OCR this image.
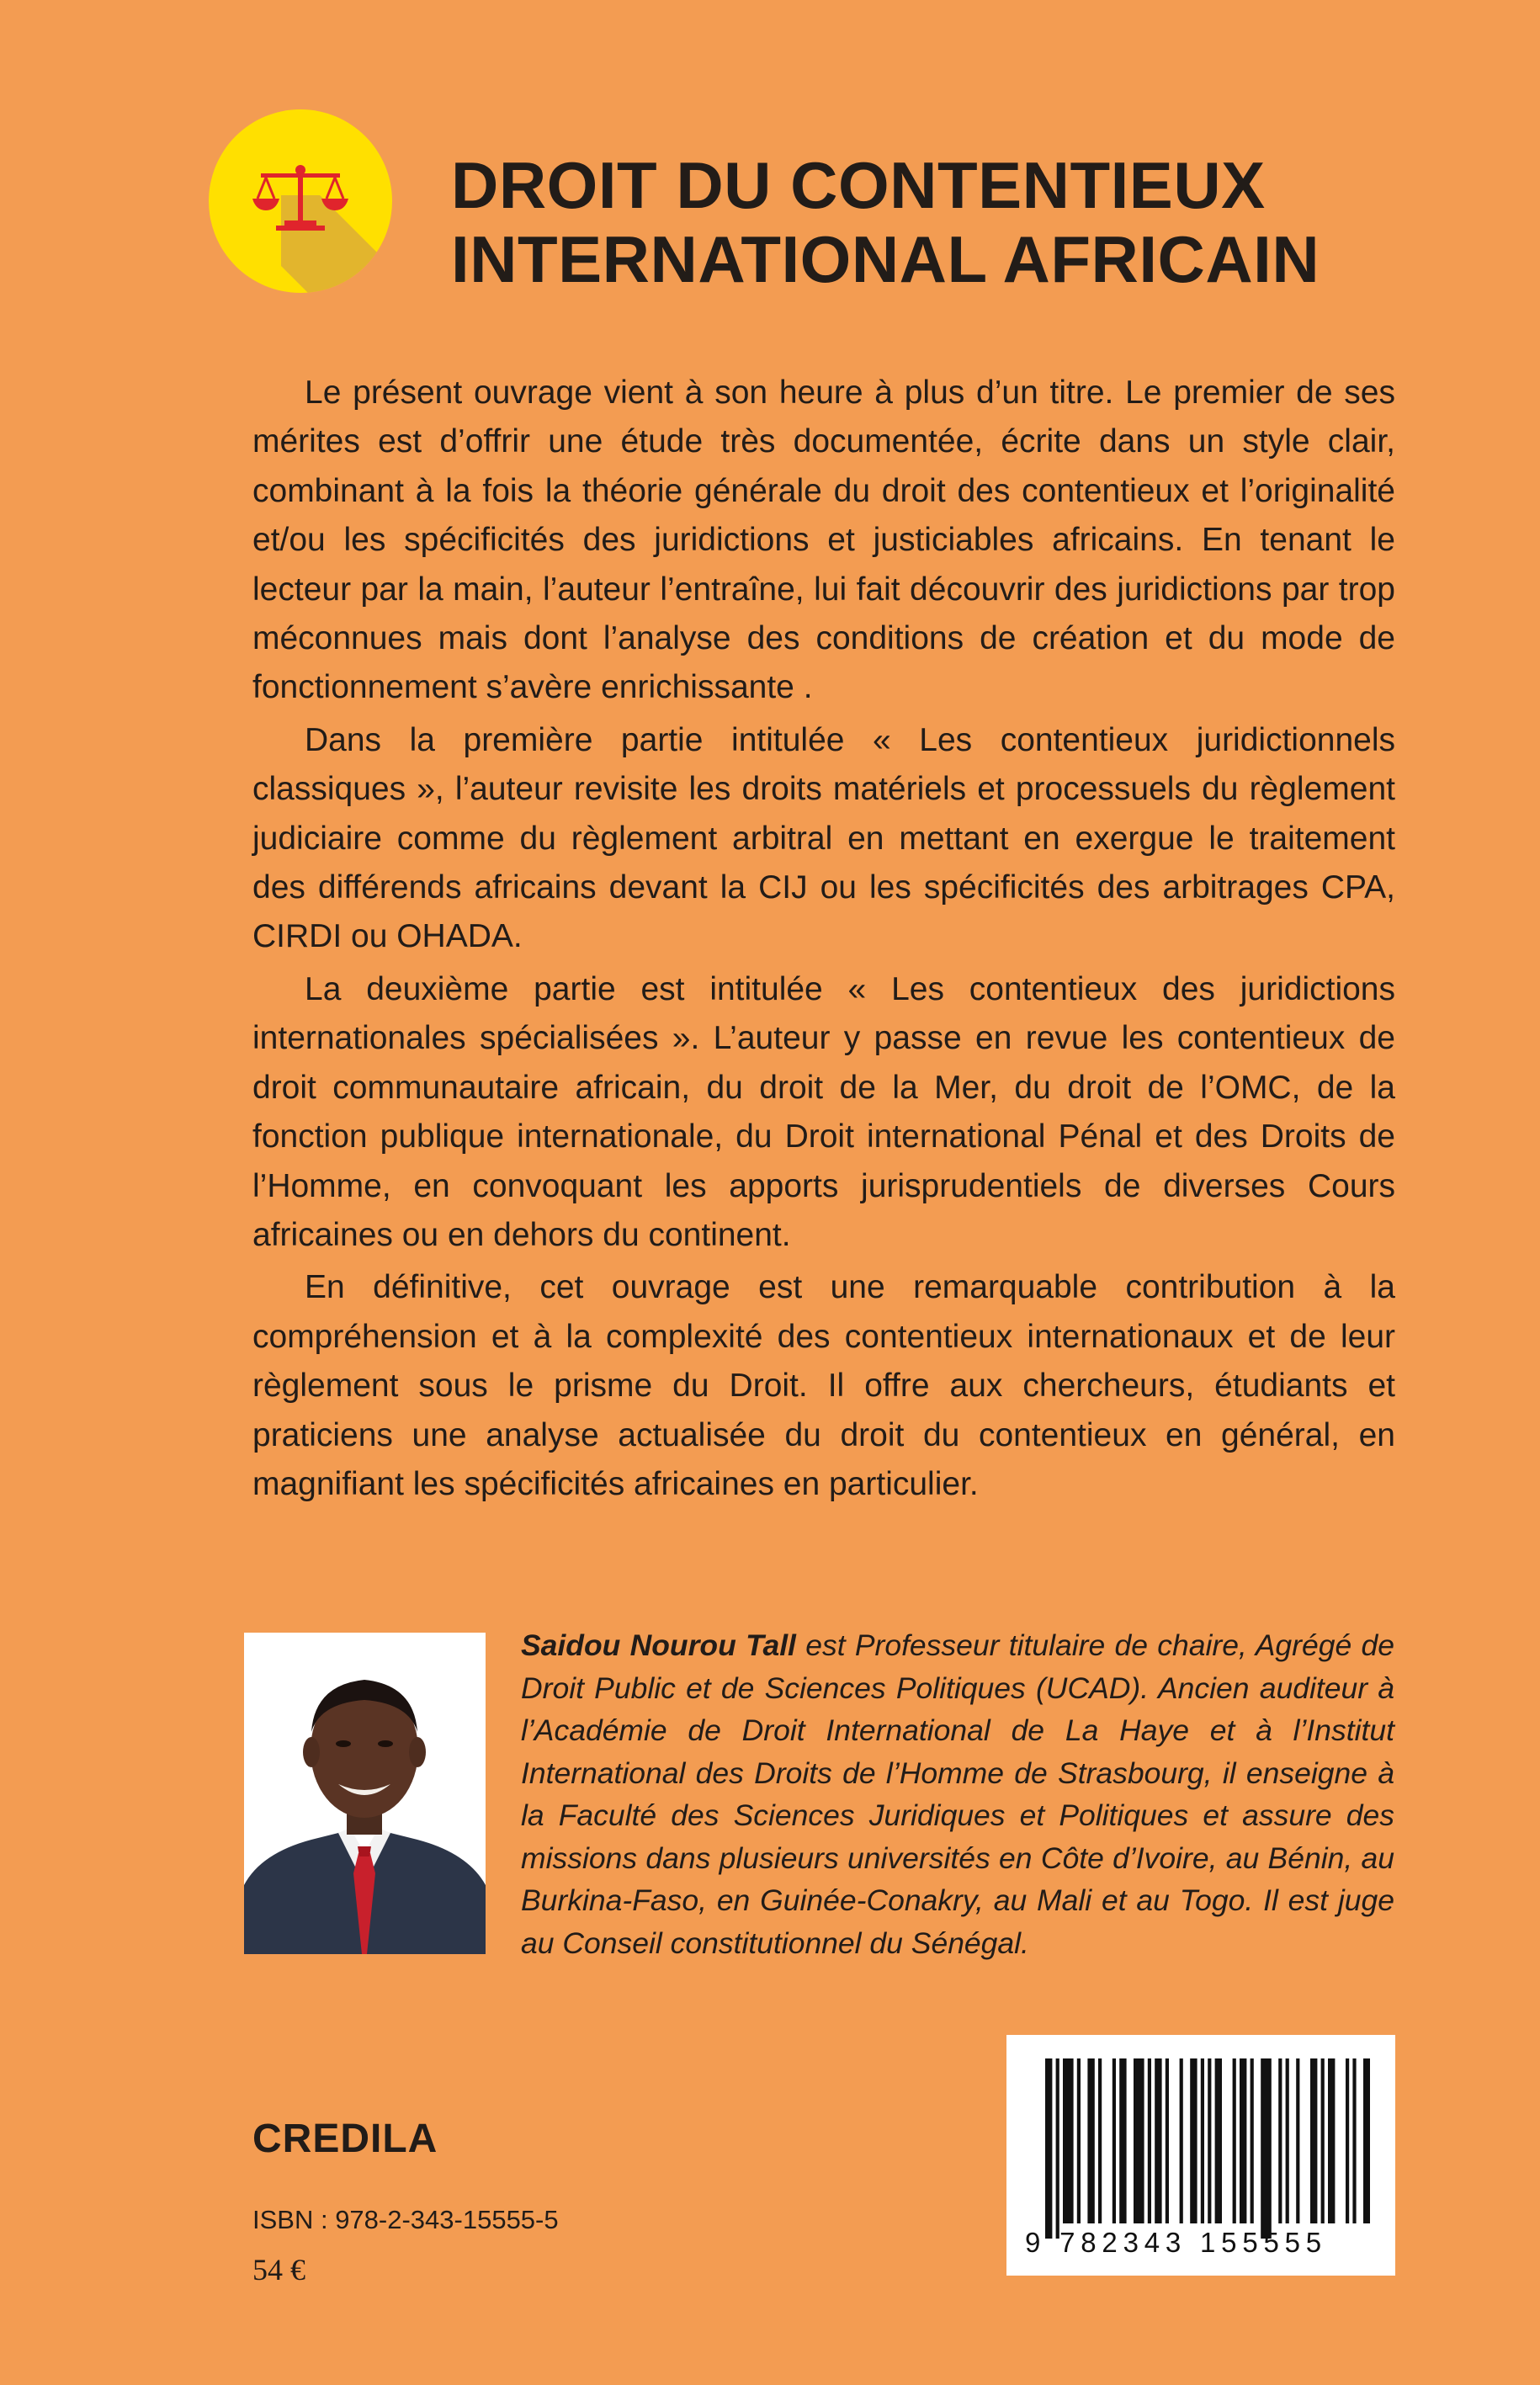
DROIT DU CONTENTIEUX
INTERNATIONAL AFRICAIN

Le présent ouvrage vient à son heure à plus d’un titre. Le premier de ses mérites est d’offrir une étude très documentée, écrite dans un style clair, combinant à la fois la théorie générale du droit des contentieux et l’originalité et/ou les spécificités des juridictions et justiciables africains. En tenant le lecteur par la main, l’auteur l’entraîne, lui fait découvrir des juridictions par trop méconnues mais dont l’analyse des conditions de création et du mode de fonctionnement s’avère enrichissante .

Dans la première partie intitulée « Les contentieux juridictionnels classiques », l’auteur revisite les droits matériels et processuels du règlement judiciaire comme du règlement arbitral en mettant en exergue le traitement des différends africains devant la CIJ ou les spécificités des arbitrages CPA, CIRDI ou OHADA.

La deuxième partie est intitulée « Les contentieux des juridictions internationales spécialisées ». L’auteur y passe en revue les contentieux de droit communautaire africain, du droit de la Mer, du droit de l’OMC, de la fonction publique internationale, du Droit international Pénal et des Droits de l’Homme, en convoquant les apports jurisprudentiels de diverses Cours africaines ou en dehors du continent.

En définitive, cet ouvrage est une remarquable contribution à la compréhension et à la complexité des contentieux internationaux et de leur règlement sous le prisme du Droit. Il offre aux chercheurs, étudiants et praticiens une analyse actualisée du droit du contentieux en général, en magnifiant les spécificités africaines en particulier.

Saidou Nourou Tall est Professeur titulaire de chaire, Agrégé de Droit Public et de Sciences Politiques (UCAD). Ancien auditeur à l’Académie de Droit International de La Haye et à l’Institut International des Droits de l’Homme de Strasbourg, il enseigne à la Faculté des Sciences Juridiques et Politiques et assure des missions dans plusieurs universités en Côte d’Ivoire, au Bénin, au Burkina-Faso, en Guinée-Conakry, au Mali et au Togo. Il est juge au Conseil constitutionnel du Sénégal.

9 782343 155555
CREDILA
ISBN : 978-2-343-15555-5
54 €
